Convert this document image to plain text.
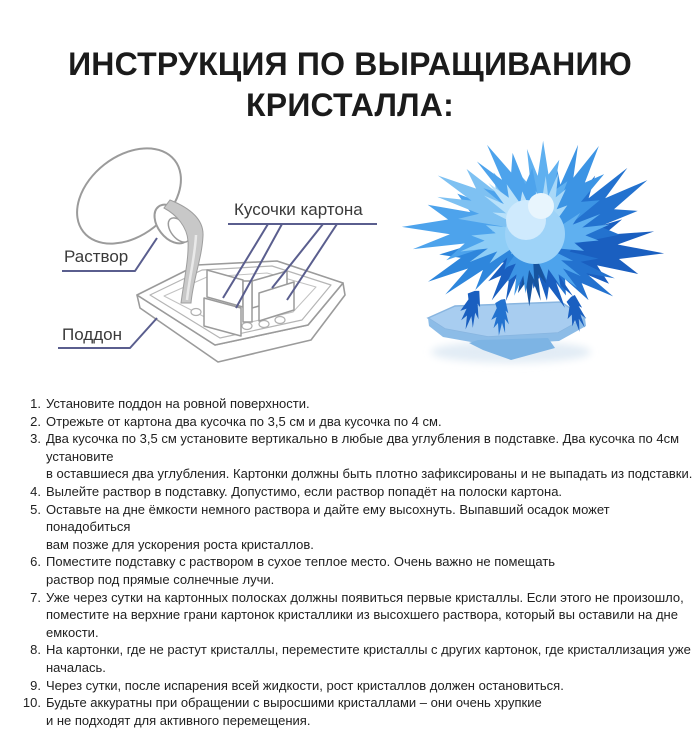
ИНСТРУКЦИЯ ПО ВЫРАЩИВАНИЮ
КРИСТАЛЛА:
Раствор
Кусочки картона
Поддон
1. Установите поддон на ровной поверхности.
2. Отрежьте от картона два кусочка по 3,5 см и два кусочка по 4 см.
3. Два кусочка по 3,5 см установите вертикально в любые два углубления в подставке. Два кусочка по 4см установите
в оставшиеся два углубления. Картонки должны быть плотно зафиксированы и не выпадать из подставки.
4. Вылейте раствор в подставку. Допустимо, если раствор попадёт на полоски картона.
5. Оставьте на дне ёмкости немного раствора и дайте ему высохнуть. Выпавший осадок может понадобиться
вам позже для ускорения роста кристаллов.
6. Поместите подставку с раствором в сухое теплое место. Очень важно не помещать
раствор под прямые солнечные лучи.
7. Уже через сутки на картонных полосках должны появиться первые кристаллы. Если этого не произошло,
поместите на верхние грани картонок кристаллики из высохшего раствора, который вы оставили на дне емкости.
8. На картонки, где не растут кристаллы, переместите кристаллы с других картонок, где кристаллизация уже началась.
9. Через сутки, после испарения всей жидкости, рост кристаллов должен остановиться.
10. Будьте аккуратны при обращении с выросшими кристаллами – они очень хрупкие
и не подходят для активного перемещения.
